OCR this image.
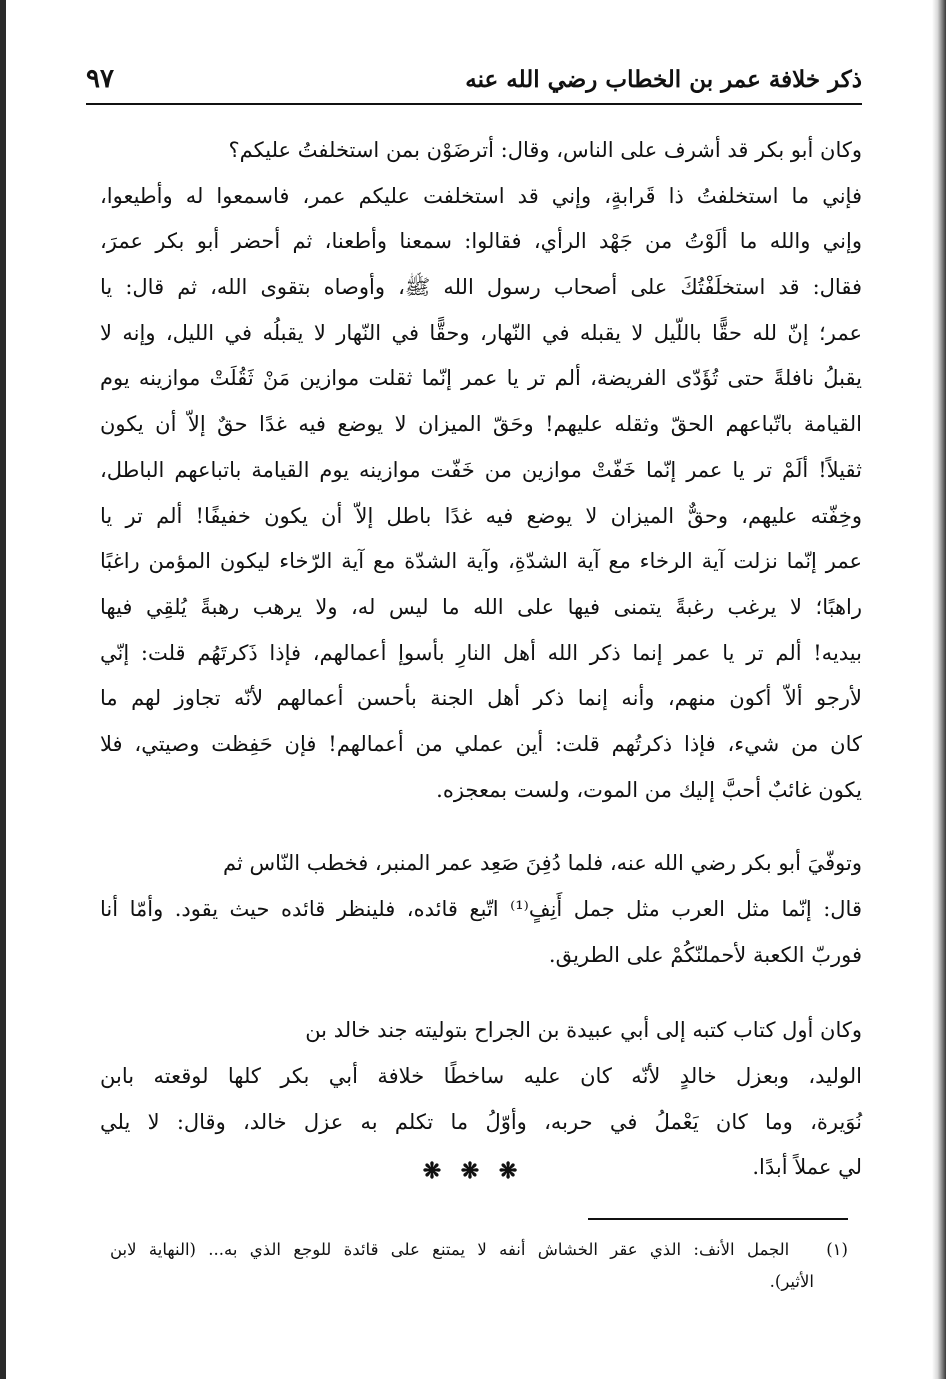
ذكر خلافة عمر بن الخطاب رضي الله عنه
٩٧
وكان أبو بكر قد أشرف على الناس، وقال: أترضَوْن بمن استخلفتُ عليكم؟
فإني ما استخلفتُ ذا قَرابةٍ، وإني قد استخلفت عليكم عمر، فاسمعوا له وأطيعوا،
وإني والله ما ألَوْتُ من جَهْد الرأي، فقالوا: سمعنا وأطعنا، ثم أحضر أبو بكر عمرَ،
فقال: قد استخلَفْتُكَ على أصحاب رسول الله ﷺ، وأوصاه بتقوى الله، ثم قال: يا
عمر؛ إنّ لله حقًّا باللّيل لا يقبله في النّهار، وحقًّا في النّهار لا يقبلُه في الليل، وإنه لا
يقبلُ نافلةً حتى تُؤَدّى الفريضة، ألم تر يا عمر إنّما ثقلت موازين مَنْ ثَقُلَتْ موازينه يوم
القيامة باتّباعهم الحقّ وثقله عليهم! وحَقّ الميزان لا يوضع فيه غدًا حقٌ إلاّ أن يكون
ثقيلاً! ألَمْ تر يا عمر إنّما خَفّتْ موازين من خَفّت موازينه يوم القيامة باتباعهم الباطل،
وخِفّته عليهم، وحقٌّ الميزان لا يوضع فيه غدًا باطل إلاّ أن يكون خفيفًا! ألم تر يا
عمر إنّما نزلت آية الرخاء مع آية الشدّةِ، وآية الشدّة مع آية الرّخاء ليكون المؤمن راغبًا
راهبًا؛ لا يرغب رغبةً يتمنى فيها على الله ما ليس له، ولا يرهب رهبةً يُلقِي فيها
بيديه! ألم تر يا عمر إنما ذكر الله أهل النارِ بأسوإ أعمالهم، فإذا ذَكرتَهُم قلت: إنّي
لأرجو ألاّ أكون منهم، وأنه إنما ذكر أهل الجنة بأحسن أعمالهم لأنّه تجاوز لهم ما
كان من شيء، فإذا ذكرتُهم قلت: أين عملي من أعمالهم! فإن حَفِظت وصيتي، فلا
يكون غائبٌ أحبَّ إليك من الموت، ولست بمعجزه.
وتوفّيَ أبو بكر رضي الله عنه، فلما دُفِنَ صَعِد عمر المنبر، فخطب النّاس ثم
قال: إنّما مثل العرب مثل جمل أَنِفٍ⁽¹⁾ اتّبع قائده، فلينظر قائده حيث يقود. وأمّا أنا
فوربّ الكعبة لأحملنّكُمْ على الطريق.
وكان أول كتاب كتبه إلى أبي عبيدة بن الجراح بتوليته جند خالد بن
الوليد، وبعزل خالدٍ لأنّه كان عليه ساخطًا خلافة أبي بكر كلها لوقعته بابن
نُوَيرة، وما كان يَعْملُ في حربه، وأوّلُ ما تكلم به عزل خالد، وقال: لا يلي
لي عملاً أبدًا.
❋ ❋ ❋
(١)   الجمل الأنف: الذي عقر الخشاش أنفه لا يمتنع على قائدة للوجع الذي به... (النهاية لابن
الأثير).
